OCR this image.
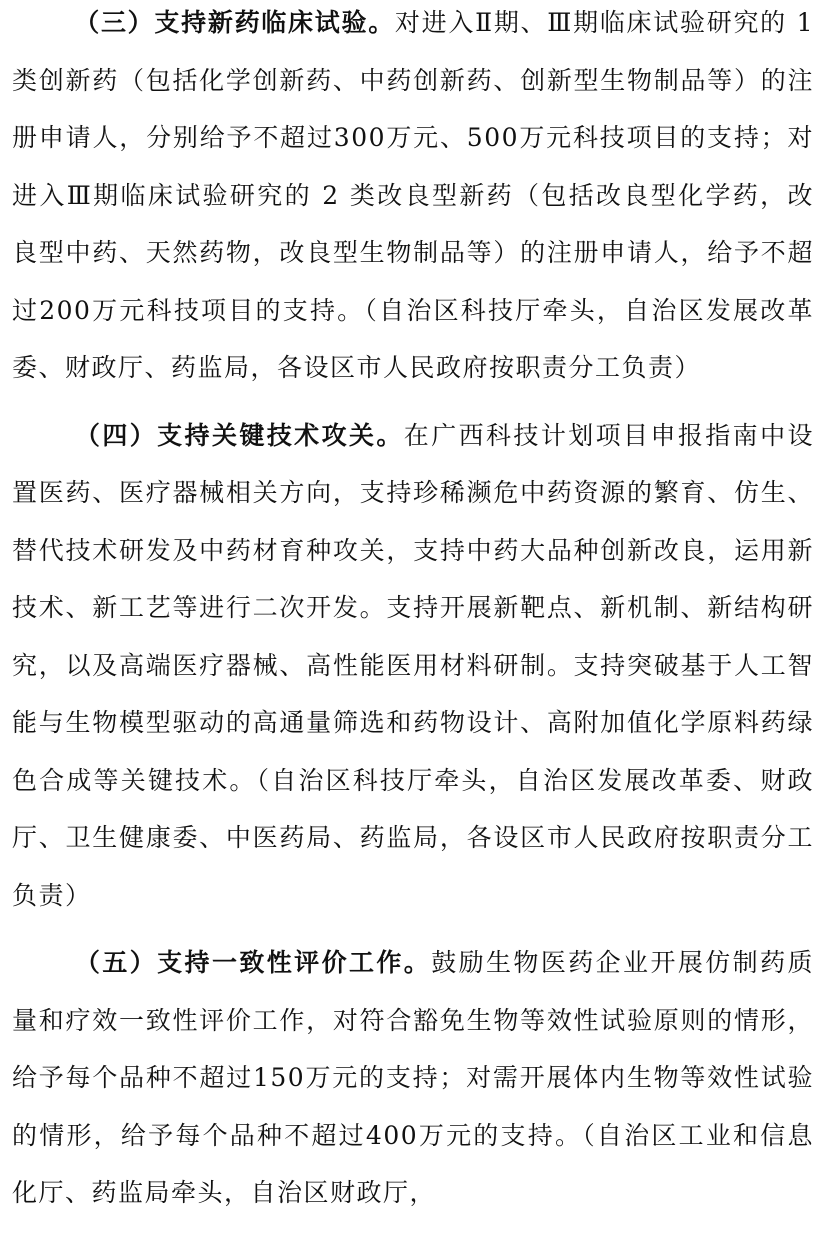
（三）支持新药临床试验。对进入Ⅱ期、Ⅲ期临床试验研究的 1 类创新药（包括化学创新药、中药创新药、创新型生物制品等）的注册申请人，分别给予不超过300万元、500万元科技项目的支持；对进入Ⅲ期临床试验研究的 2 类改良型新药（包括改良型化学药，改良型中药、天然药物，改良型生物制品等）的注册申请人，给予不超过200万元科技项目的支持。（自治区科技厅牵头，自治区发展改革委、财政厅、药监局，各设区市人民政府按职责分工负责）

（四）支持关键技术攻关。在广西科技计划项目申报指南中设置医药、医疗器械相关方向，支持珍稀濒危中药资源的繁育、仿生、替代技术研发及中药材育种攻关，支持中药大品种创新改良，运用新技术、新工艺等进行二次开发。支持开展新靶点、新机制、新结构研究，以及高端医疗器械、高性能医用材料研制。支持突破基于人工智能与生物模型驱动的高通量筛选和药物设计、高附加值化学原料药绿色合成等关键技术。（自治区科技厅牵头，自治区发展改革委、财政厅、卫生健康委、中医药局、药监局，各设区市人民政府按职责分工负责）

（五）支持一致性评价工作。鼓励生物医药企业开展仿制药质量和疗效一致性评价工作，对符合豁免生物等效性试验原则的情形，给予每个品种不超过150万元的支持；对需开展体内生物等效性试验的情形，给予每个品种不超过400万元的支持。（自治区工业和信息化厅、药监局牵头，自治区财政厅，
